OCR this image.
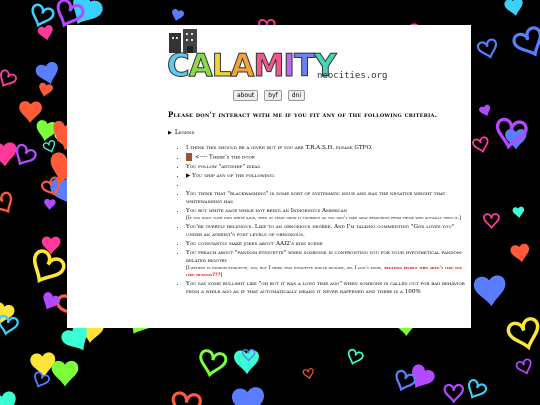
CALAMITY
neocities.org
about byf dni
Please don't interact with me if you fit any of the following criteria.
▶ Legend
• I think this should be a given but if you are T.R.A.S.H. please GTFO.
• <---- There's the door
• You follow "antiship" ideas
• ▶ You ship any of the following:
•
• You think that "blackwashing" is some sort of systematic issue and has the negative weight that whitewashing has
• You buy white sage while not being an Indigenous American
[If you want your own white sage, then at least grow it yourself so you don't take away resources from those who actually need it.]
• You're overtly religious. Like to an obnoxious degree. And I'm talking commenting "God loves you" under an atheist's post levels of obnoxious.
• You constantly make jokes about AAI2's kiss scene
• You preach about "fandom etiquette" when someone is confronting you for your hypothetical fandom-related bigotry
[I believe in fandom etiquette, too, but I think that etiquette would include, oh, I don't know, treating people who aren't like you like humans???]
• You say some bullshit like "oh but it was a long time ago" when someone is called out for bad behavior from a while ago as if that automatically means it never happened and there is a 100%
